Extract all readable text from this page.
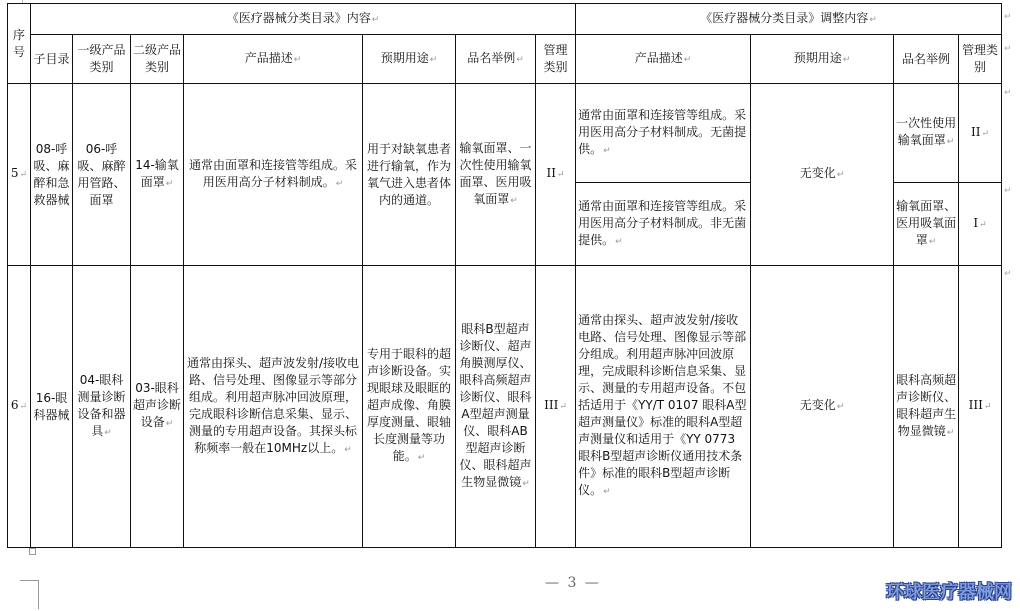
序号	《医疗器械分类目录》内容↵							《医疗器械分类目录》调整内容↵			
	子目录	一级产品类别	二级产品类别	产品描述↵	预期用途↵	品名举例↵	管理类别	产品描述↵	预期用途↵	品名举例	管理类别
5↵	08-呼吸、麻醉和急救器械	06-呼吸、麻醉用管路、面罩	14-输氧面罩↵	通常由面罩和连接管等组成。采用医用高分子材料制成。↵	用于对缺氧患者进行输氧，作为氧气进入患者体内的通道。	输氧面罩、一次性使用输氧面罩、医用吸氧面罩↵	II↵	通常由面罩和连接管等组成。采用医用高分子材料制成。无菌提供。↵	无变化↵	一次性使用输氧面罩↵	II↵
								通常由面罩和连接管等组成。采用医用高分子材料制成。非无菌提供。↵		输氧面罩、医用吸氧面罩↵	I↵
6↵	16-眼科器械	04-眼科测量诊断设备和器具↵	03-眼科超声诊断设备↵	通常由探头、超声波发射/接收电路、信号处理、图像显示等部分组成。利用超声脉冲回波原理，完成眼科诊断信息采集、显示、测量的专用超声设备。其探头标称频率一般在10MHz以上。↵	专用于眼科的超声诊断设备。实现眼球及眼眶的超声成像、角膜厚度测量、眼轴长度测量等功能。↵	眼科B型超声诊断仪、超声角膜测厚仪、眼科高频超声诊断仪、眼科A型超声测量仪、眼科AB型超声诊断仪、眼科超声生物显微镜↵	III↵	通常由探头、超声波发射/接收电路、信号处理、图像显示等部分组成。利用超声脉冲回波原理，完成眼科诊断信息采集、显示、测量的专用超声设备。不包括适用于《YY/T 0107 眼科A型超声测量仪》标准的眼科A型超声测量仪和适用于《YY 0773 眼科B型超声诊断仪通用技术条件》标准的眼科B型超声诊断仪。↵	无变化↵	眼科高频超声诊断仪、眼科超声生物显微镜↵	III↵
↵
↵
↵
↵
↵
— 3 —	环球医疗器械网
